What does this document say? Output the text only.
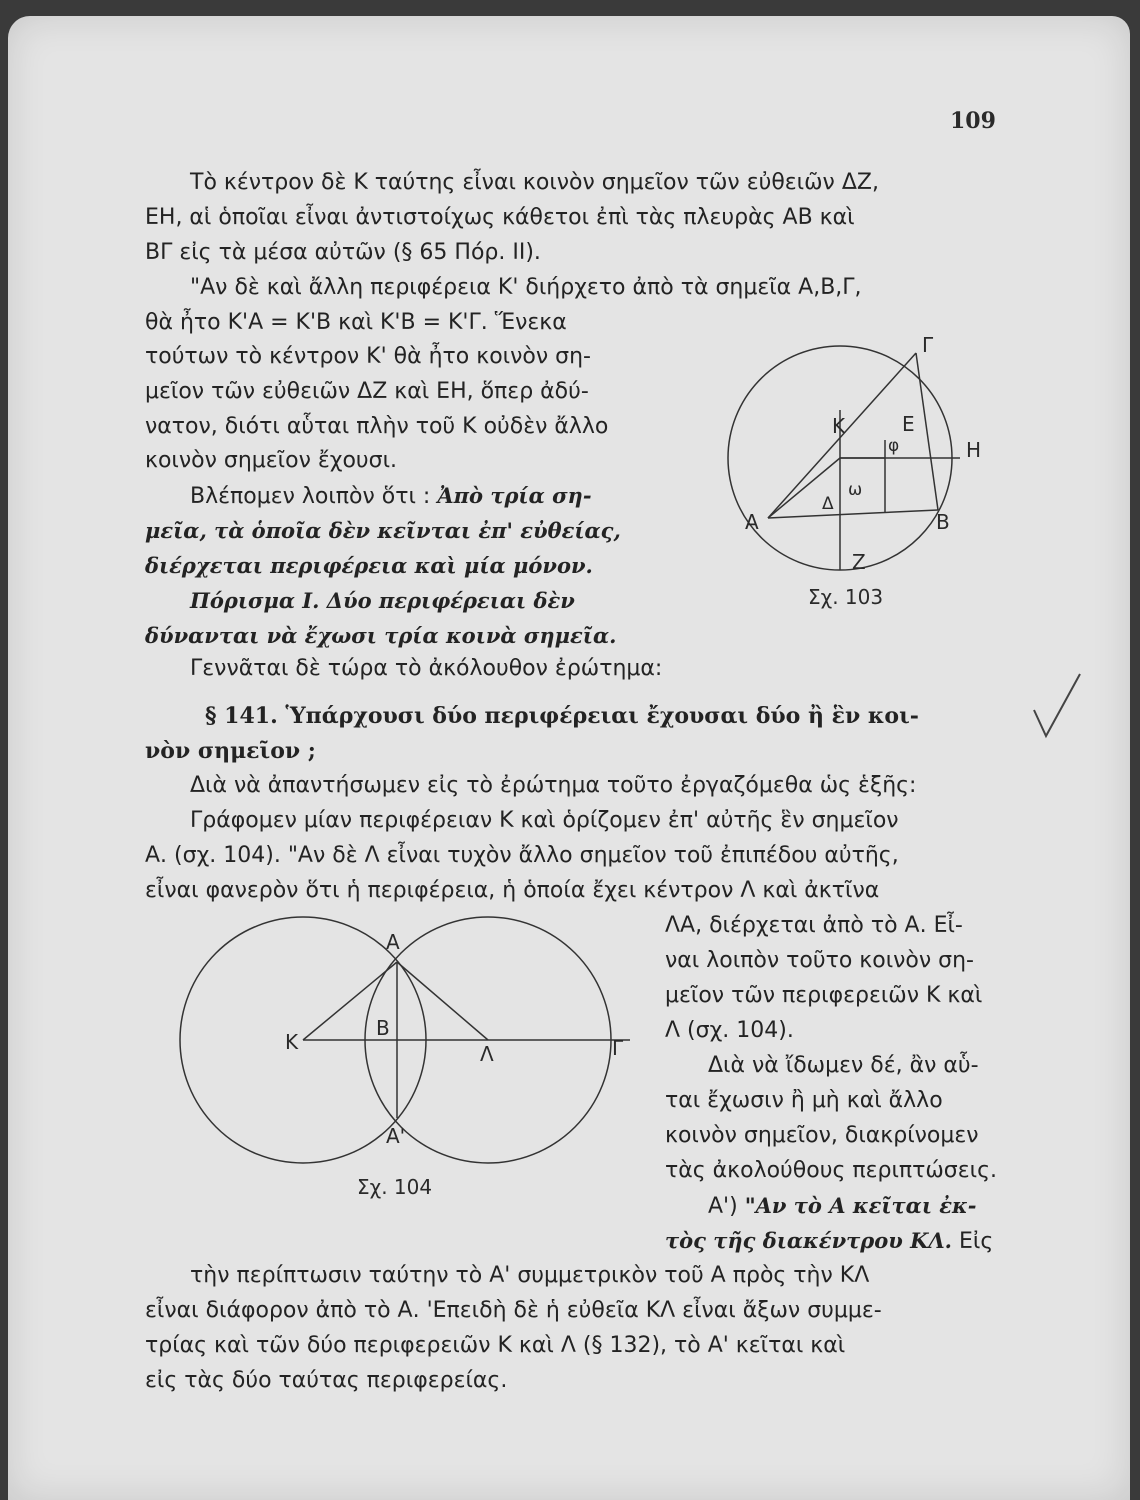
109
Τὸ κέντρον δὲ Κ ταύτης εἶναι κοινὸν σημεῖον τῶν εὐθειῶν ΔΖ,
ΕΗ, αἱ ὁποῖαι εἶναι ἀντιστοίχως κάθετοι ἐπὶ τὰς πλευρὰς ΑΒ καὶ
ΒΓ εἰς τὰ μέσα αὐτῶν (§ 65 Πόρ. ΙΙ).
"Αν δὲ καὶ ἄλλη περιφέρεια Κ' διήρχετο ἀπὸ τὰ σημεῖα Α,Β,Γ,
θὰ ἦτο Κ'Α = Κ'Β καὶ Κ'Β = Κ'Γ. Ἕνεκα
τούτων τὸ κέντρον Κ' θὰ ἦτο κοινὸν ση-
μεῖον τῶν εὐθειῶν ΔΖ καὶ ΕΗ, ὅπερ ἀδύ-
νατον, διότι αὗται πλὴν τοῦ Κ οὐδὲν ἄλλο
κοινὸν σημεῖον ἔχουσι.
Βλέπομεν λοιπὸν ὅτι : Ἀπὸ τρία ση-
μεῖα, τὰ ὁποῖα δὲν κεῖνται ἐπ' εὐθείας,
διέρχεται περιφέρεια καὶ μία μόνον.
Πόρισμα Ι. Δύο περιφέρειαι δὲν
δύνανται νὰ ἔχωσι τρία κοινὰ σημεῖα.
Γεννᾶται δὲ τώρα τὸ ἀκόλουθον ἐρώτημα:
§ 141. Ὑπάρχουσι δύο περιφέρειαι ἔχουσαι δύο ἢ ἓν κοι-
νὸν σημεῖον ;
Διὰ νὰ ἀπαντήσωμεν εἰς τὸ ἐρώτημα τοῦτο ἐργαζόμεθα ὡς ἑξῆς:
Γράφομεν μίαν περιφέρειαν Κ καὶ ὁρίζομεν ἐπ' αὐτῆς ἓν σημεῖον
Α. (σχ. 104). "Αν δὲ Λ εἶναι τυχὸν ἄλλο σημεῖον τοῦ ἐπιπέδου αὐτῆς,
εἶναι φανερὸν ὅτι ἡ περιφέρεια, ἡ ὁποία ἔχει κέντρον Λ καὶ ἀκτῖνα
ΛΑ, διέρχεται ἀπὸ τὸ Α. Εἶ-
ναι λοιπὸν τοῦτο κοινὸν ση-
μεῖον τῶν περιφερειῶν Κ καὶ
Λ (σχ. 104).
Διὰ νὰ ἴδωμεν δέ, ἂν αὗ-
ται ἔχωσιν ἢ μὴ καὶ ἄλλο
κοινὸν σημεῖον, διακρίνομεν
τὰς ἀκολούθους περιπτώσεις.
Α') "Αν τὸ Α κεῖται ἐκ-
τὸς τῆς διακέντρου ΚΛ. Εἰς
τὴν περίπτωσιν ταύτην τὸ Α' συμμετρικὸν τοῦ Α πρὸς τὴν ΚΛ
εἶναι διάφορον ἀπὸ τὸ Α. 'Επειδὴ δὲ ἡ εὐθεῖα ΚΛ εἶναι ἄξων συμμε-
τρίας καὶ τῶν δύο περιφερειῶν Κ καὶ Λ (§ 132), τὸ Α' κεῖται καὶ
εἰς τὰς δύο ταύτας περιφερείας.
Γ
Κ	Ε
Η
φ
ω
Δ
Α	Β
Ζ
Σχ. 103
Α
Β
Κ	Λ	Γ
Α'
Σχ. 104
